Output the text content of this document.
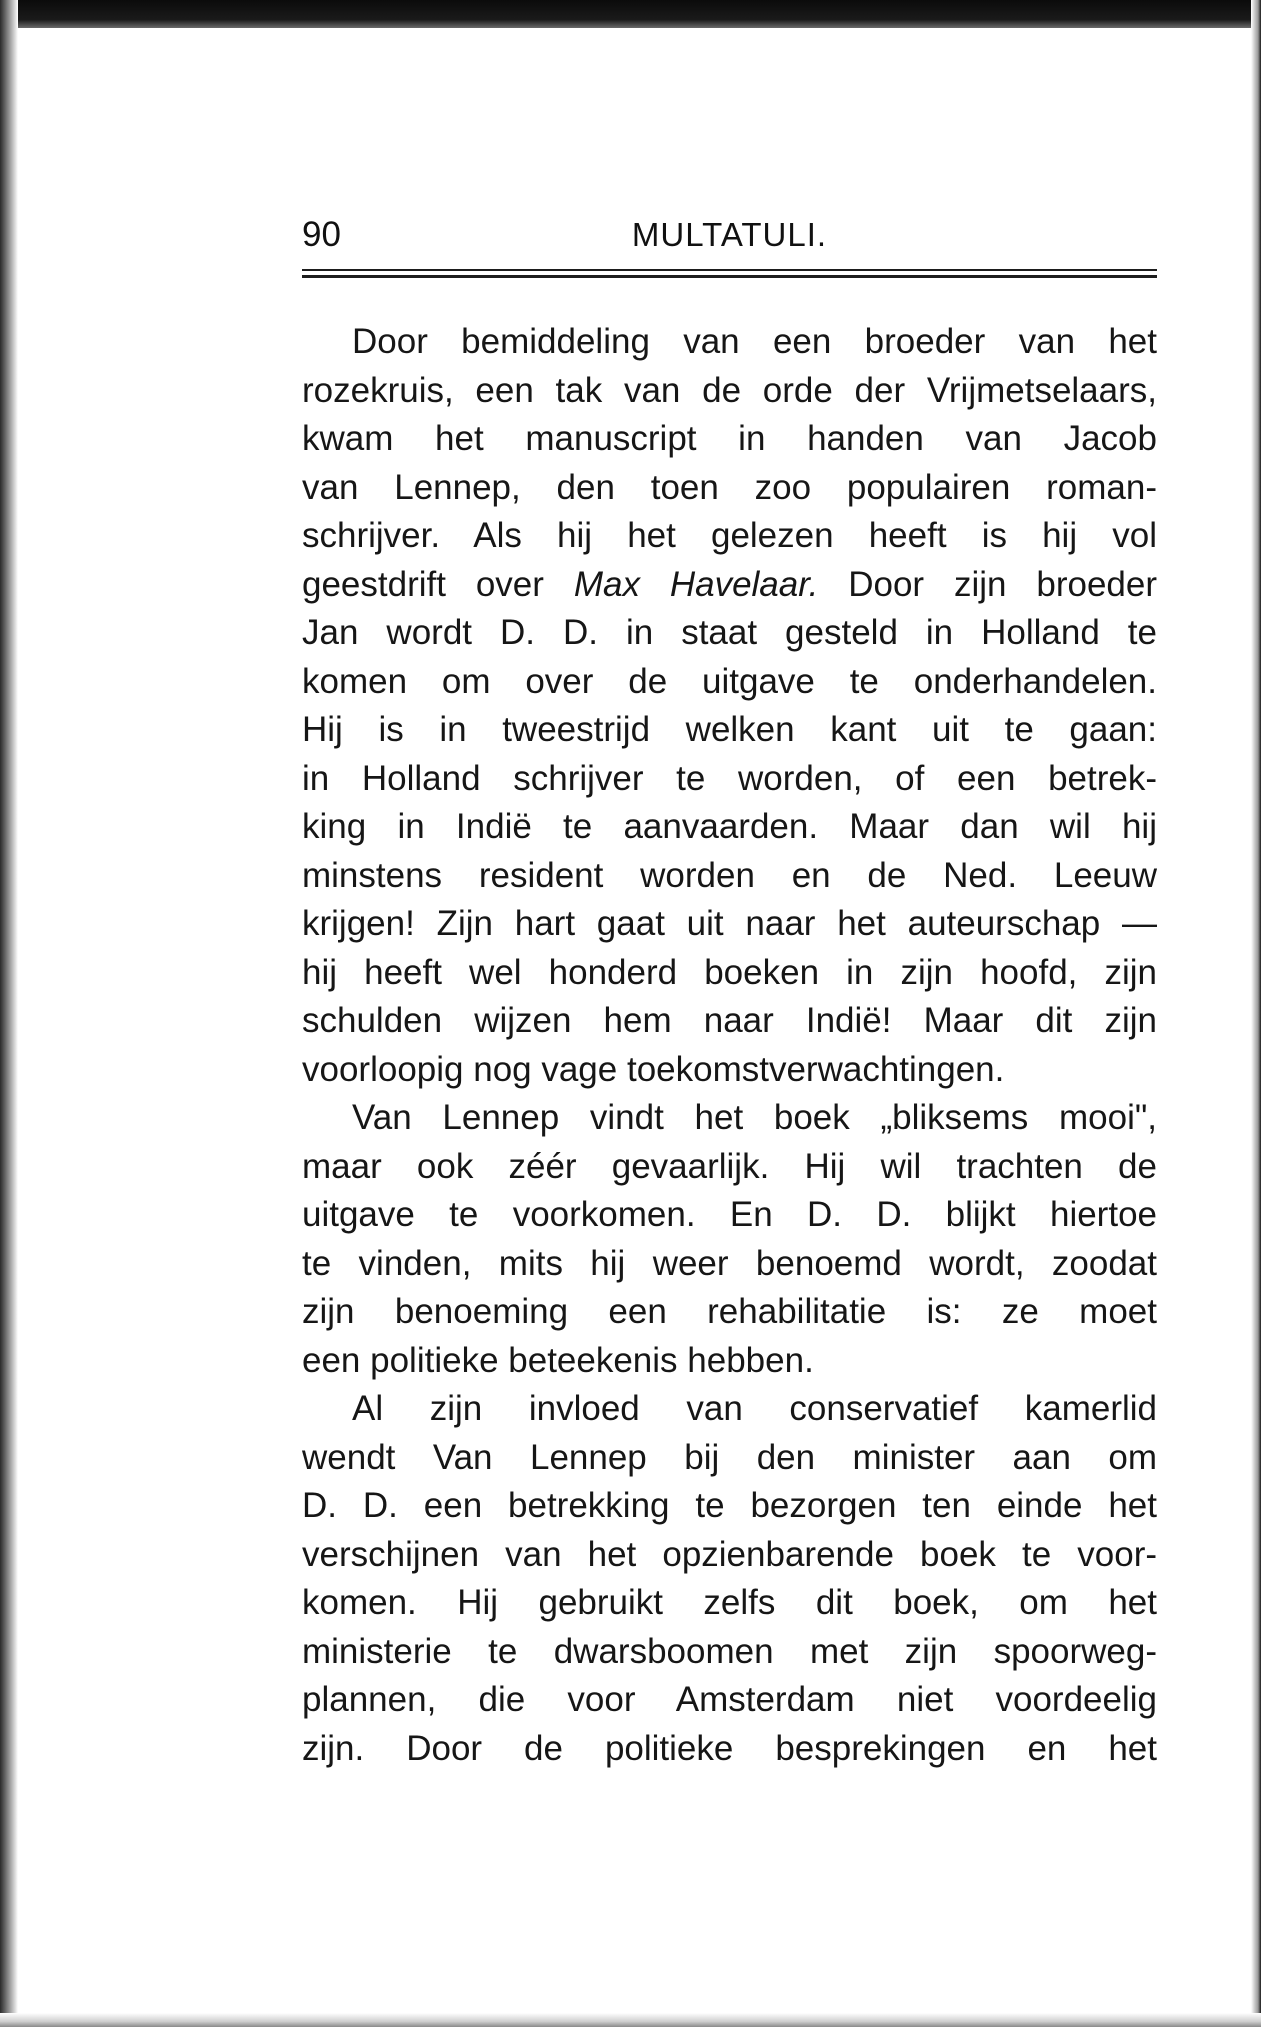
90	MULTATULI.
Door bemiddeling van een broeder van het
rozekruis, een tak van de orde der Vrijmetselaars,
kwam het manuscript in handen van Jacob
van Lennep, den toen zoo populairen roman-
schrijver. Als hij het gelezen heeft is hij vol
geestdrift over Max Havelaar. Door zijn broeder
Jan wordt D. D. in staat gesteld in Holland te
komen om over de uitgave te onderhandelen.
Hij is in tweestrijd welken kant uit te gaan:
in Holland schrijver te worden, of een betrek-
king in Indië te aanvaarden. Maar dan wil hij
minstens resident worden en de Ned. Leeuw
krijgen! Zijn hart gaat uit naar het auteurschap —
hij heeft wel honderd boeken in zijn hoofd, zijn
schulden wijzen hem naar Indië! Maar dit zijn
voorloopig nog vage toekomstverwachtingen.
Van Lennep vindt het boek „bliksems mooi",
maar ook zéér gevaarlijk. Hij wil trachten de
uitgave te voorkomen. En D. D. blijkt hiertoe
te vinden, mits hij weer benoemd wordt, zoodat
zijn benoeming een rehabilitatie is: ze moet
een politieke beteekenis hebben.
Al zijn invloed van conservatief kamerlid
wendt Van Lennep bij den minister aan om
D. D. een betrekking te bezorgen ten einde het
verschijnen van het opzienbarende boek te voor-
komen. Hij gebruikt zelfs dit boek, om het
ministerie te dwarsboomen met zijn spoorweg-
plannen, die voor Amsterdam niet voordeelig
zijn. Door de politieke besprekingen en het
